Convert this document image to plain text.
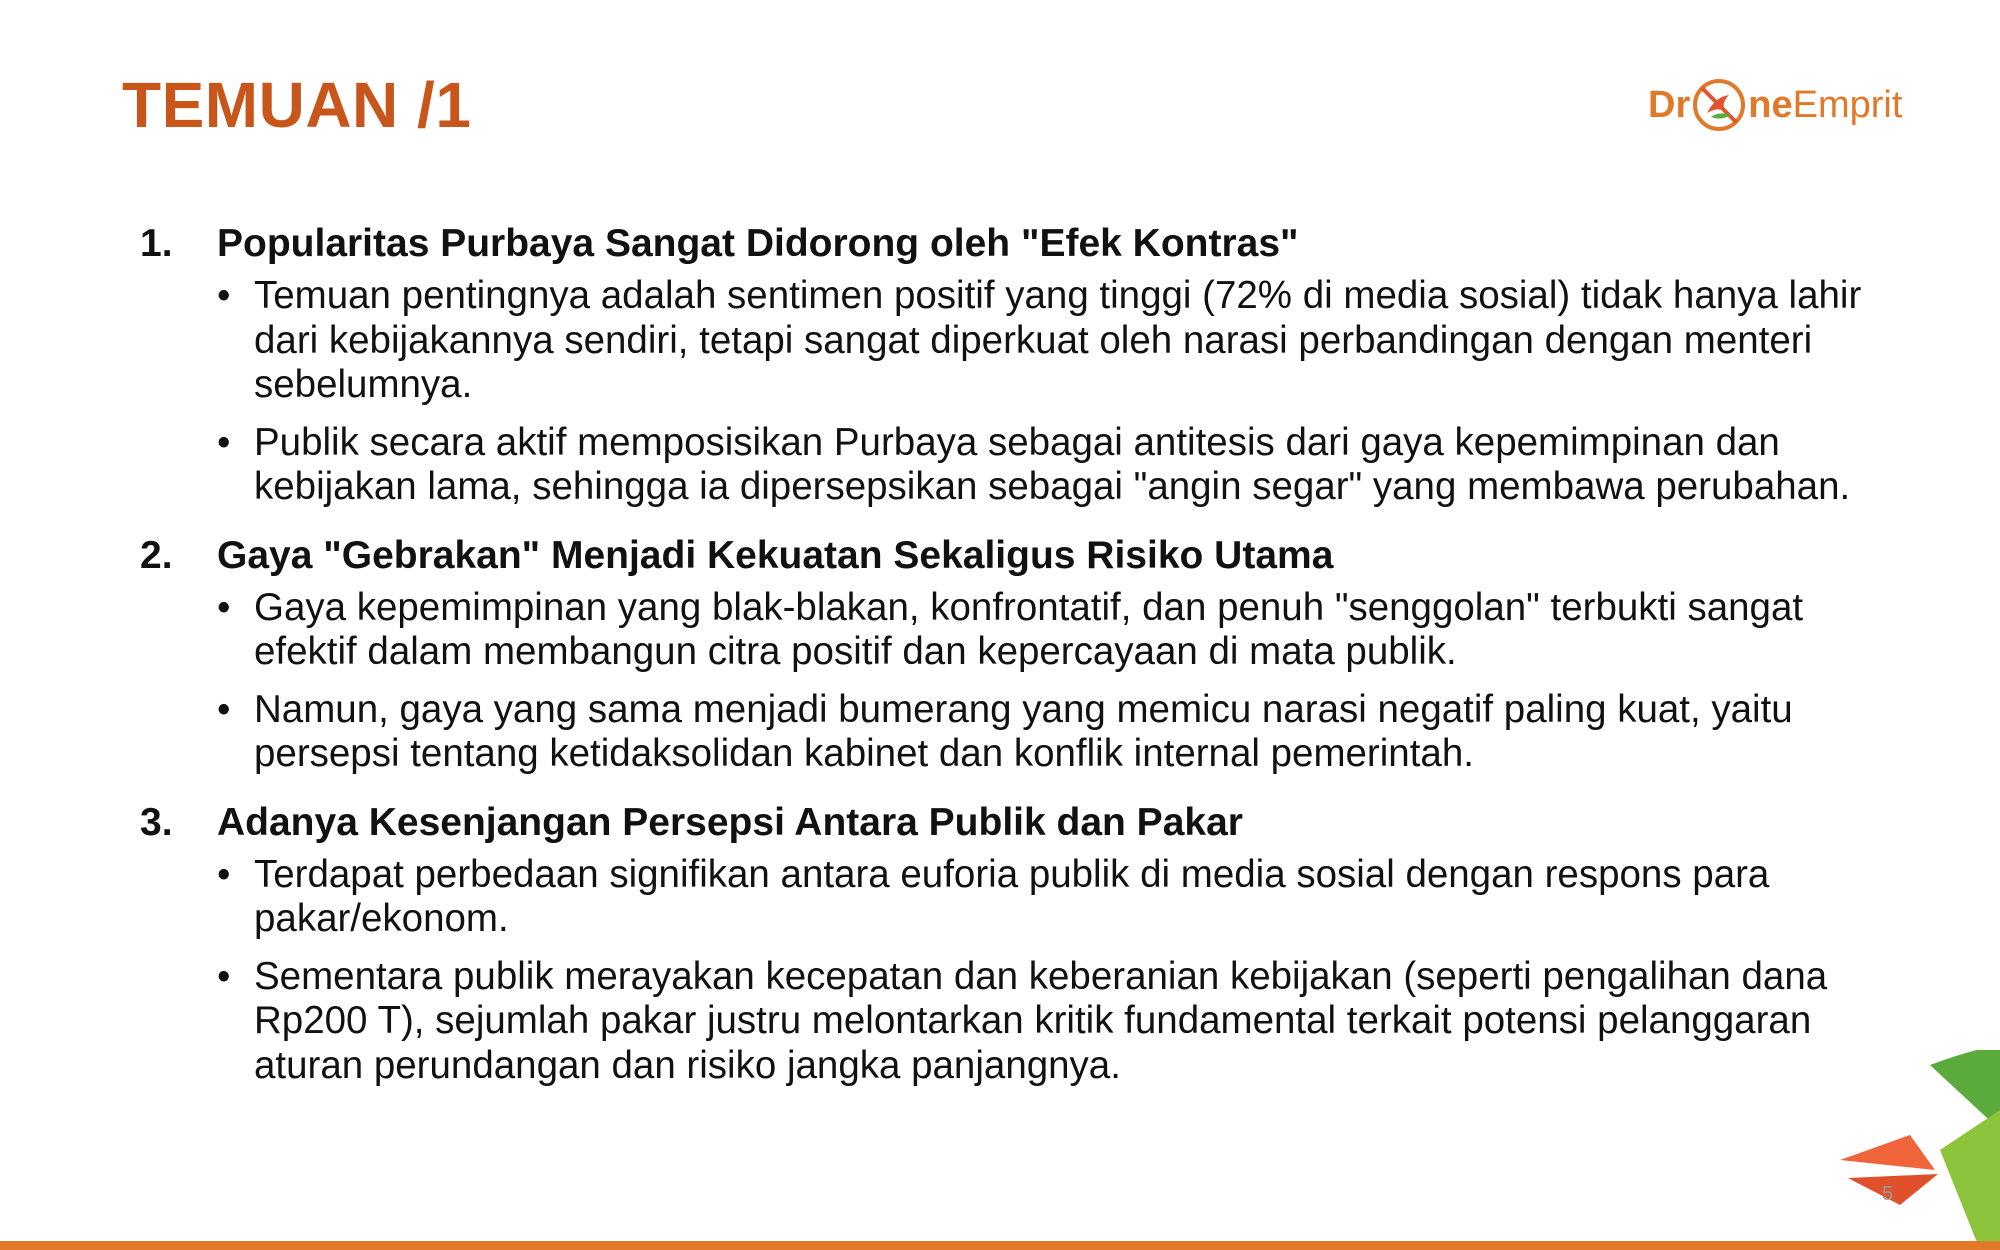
TEMUAN /1	Dr ne Emprit
1.	Popularitas Purbaya Sangat Didorong oleh "Efek Kontras"
• Temuan pentingnya adalah sentimen positif yang tinggi (72% di media sosial) tidak hanya lahir dari kebijakannya sendiri, tetapi sangat diperkuat oleh narasi perbandingan dengan menteri sebelumnya.
• Publik secara aktif memposisikan Purbaya sebagai antitesis dari gaya kepemimpinan dan kebijakan lama, sehingga ia dipersepsikan sebagai "angin segar" yang membawa perubahan.
2.	Gaya "Gebrakan" Menjadi Kekuatan Sekaligus Risiko Utama
• Gaya kepemimpinan yang blak-blakan, konfrontatif, dan penuh "senggolan" terbukti sangat efektif dalam membangun citra positif dan kepercayaan di mata publik.
• Namun, gaya yang sama menjadi bumerang yang memicu narasi negatif paling kuat, yaitu persepsi tentang ketidaksolidan kabinet dan konflik internal pemerintah.
3.	Adanya Kesenjangan Persepsi Antara Publik dan Pakar
• Terdapat perbedaan signifikan antara euforia publik di media sosial dengan respons para pakar/ekonom.
• Sementara publik merayakan kecepatan dan keberanian kebijakan (seperti pengalihan dana Rp200 T), sejumlah pakar justru melontarkan kritik fundamental terkait potensi pelanggaran aturan perundangan dan risiko jangka panjangnya.
5
